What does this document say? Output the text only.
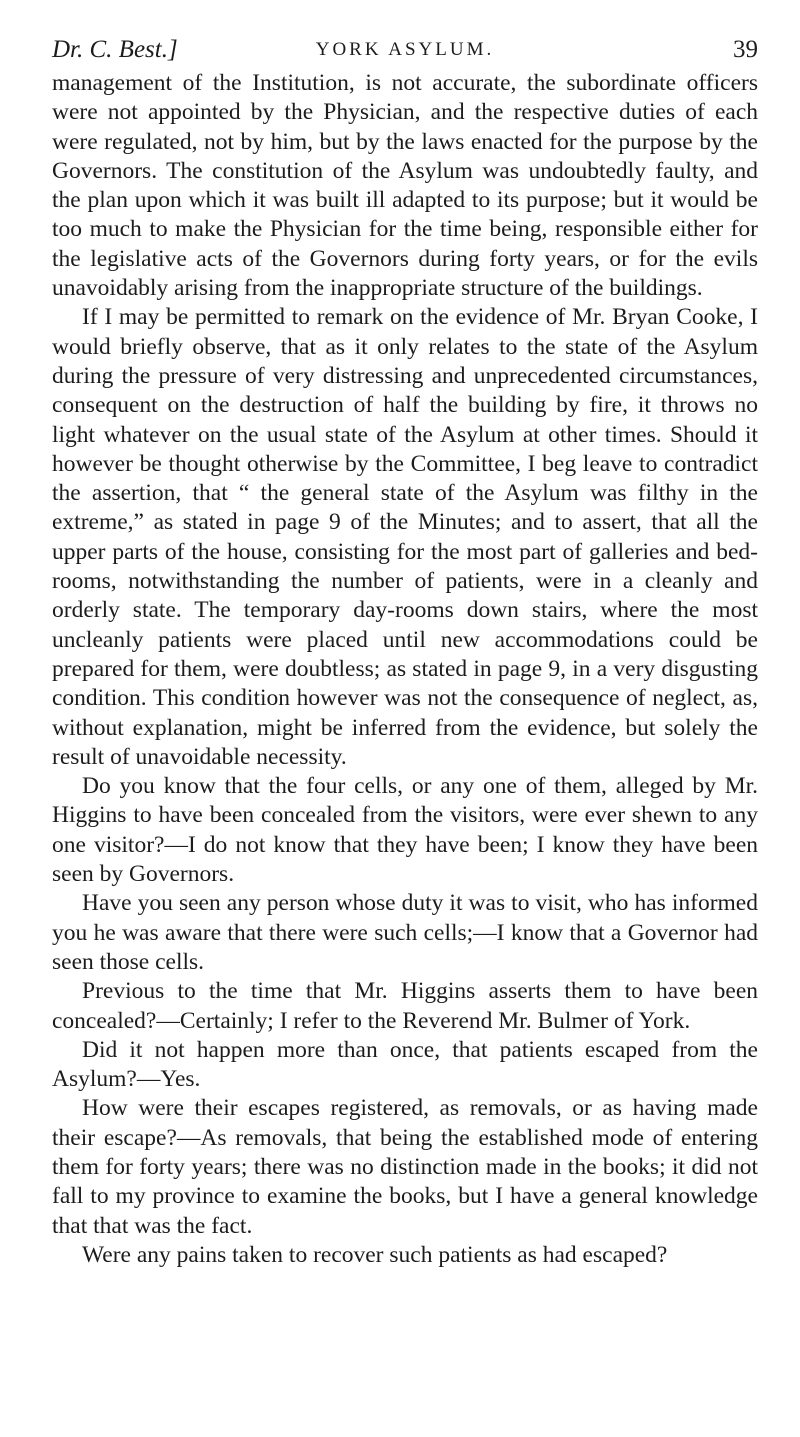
Dr. C. Best.]	YORK ASYLUM.	39

management of the Institution, is not accurate, the subordinate officers were not appointed by the Physician, and the respective duties of each were regulated, not by him, but by the laws enacted for the purpose by the Governors. The constitution of the Asylum was undoubtedly faulty, and the plan upon which it was built ill adapted to its purpose; but it would be too much to make the Physician for the time being, responsible either for the legislative acts of the Governors during forty years, or for the evils unavoidably arising from the inappropriate structure of the buildings.

If I may be permitted to remark on the evidence of Mr. Bryan Cooke, I would briefly observe, that as it only relates to the state of the Asylum during the pressure of very distressing and unprecedented circumstances, consequent on the destruction of half the building by fire, it throws no light whatever on the usual state of the Asylum at other times. Should it however be thought otherwise by the Committee, I beg leave to contradict the assertion, that “ the general state of the Asylum was filthy in the extreme,” as stated in page 9 of the Minutes; and to assert, that all the upper parts of the house, consisting for the most part of galleries and bed-rooms, notwithstanding the number of patients, were in a cleanly and orderly state. The temporary day-rooms down stairs, where the most uncleanly patients were placed until new accommodations could be prepared for them, were doubtless; as stated in page 9, in a very disgusting condition. This condition however was not the consequence of neglect, as, without explanation, might be inferred from the evidence, but solely the result of unavoidable necessity.

Do you know that the four cells, or any one of them, alleged by Mr. Higgins to have been concealed from the visitors, were ever shewn to any one visitor?—I do not know that they have been; I know they have been seen by Governors.

Have you seen any person whose duty it was to visit, who has informed you he was aware that there were such cells;—I know that a Governor had seen those cells.

Previous to the time that Mr. Higgins asserts them to have been concealed?—Certainly; I refer to the Reverend Mr. Bulmer of York.

Did it not happen more than once, that patients escaped from the Asylum?—Yes.

How were their escapes registered, as removals, or as having made their escape?—As removals, that being the established mode of entering them for forty years; there was no distinction made in the books; it did not fall to my province to examine the books, but I have a general knowledge that that was the fact.

Were any pains taken to recover such patients as had escaped?
